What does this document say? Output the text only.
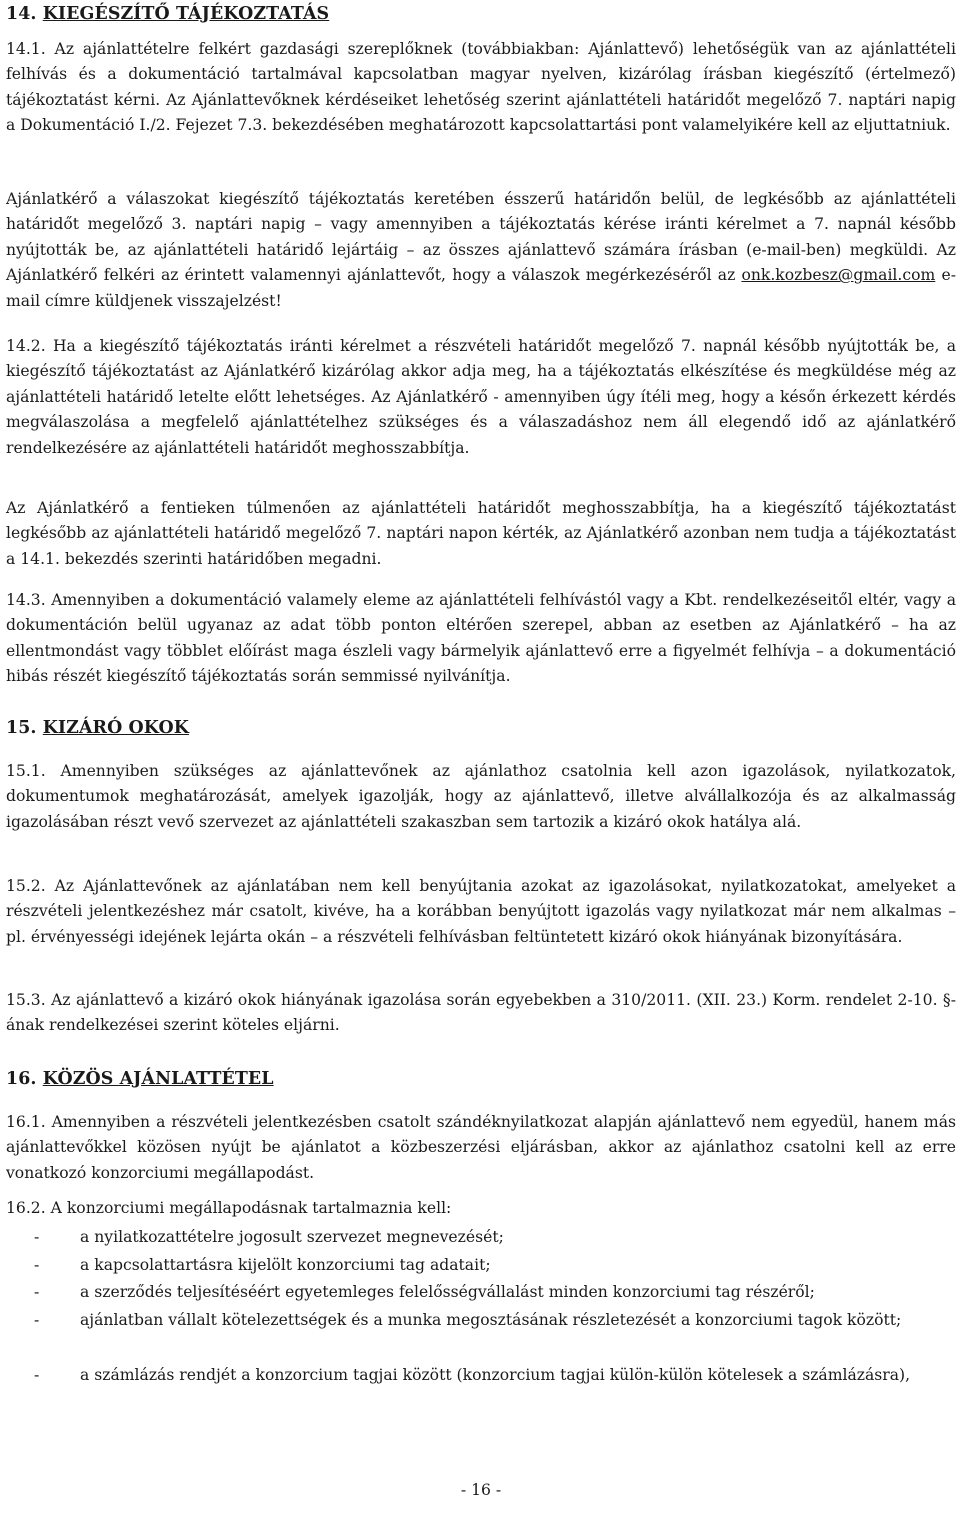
14. KIEGÉSZÍTŐ TÁJÉKOZTATÁS

14.1. Az ajánlattételre felkért gazdasági szereplőknek (továbbiakban: Ajánlattevő) lehetőségük van az ajánlattételi felhívás és a dokumentáció tartalmával kapcsolatban magyar nyelven, kizárólag írásban kiegészítő (értelmező) tájékoztatást kérni. Az Ajánlattevőknek kérdéseiket lehetőség szerint ajánlattételi határidőt megelőző 7. naptári napig a Dokumentáció I./2. Fejezet 7.3. bekezdésében meghatározott kapcsolattartási pont valamelyikére kell az eljuttatniuk.

Ajánlatkérő a válaszokat kiegészítő tájékoztatás keretében ésszerű határidőn belül, de legkésőbb az ajánlattételi határidőt megelőző 3. naptári napig – vagy amennyiben a tájékoztatás kérése iránti kérelmet a 7. napnál később nyújtották be, az ajánlattételi határidő lejártáig – az összes ajánlattevő számára írásban (e-mail-ben) megküldi. Az Ajánlatkérő felkéri az érintett valamennyi ajánlattevőt, hogy a válaszok megérkezéséről az onk.kozbesz@gmail.com e-mail címre küldjenek visszajelzést!

14.2. Ha a kiegészítő tájékoztatás iránti kérelmet a részvételi határidőt megelőző 7. napnál később nyújtották be, a kiegészítő tájékoztatást az Ajánlatkérő kizárólag akkor adja meg, ha a tájékoztatás elkészítése és megküldése még az ajánlattételi határidő letelte előtt lehetséges. Az Ajánlatkérő - amennyiben úgy ítéli meg, hogy a későn érkezett kérdés megválaszolása a megfelelő ajánlattételhez szükséges és a válaszadáshoz nem áll elegendő idő az ajánlatkérő rendelkezésére az ajánlattételi határidőt meghosszabbítja.

Az Ajánlatkérő a fentieken túlmenően az ajánlattételi határidőt meghosszabbítja, ha a kiegészítő tájékoztatást legkésőbb az ajánlattételi határidő megelőző 7. naptári napon kérték, az Ajánlatkérő azonban nem tudja a tájékoztatást a 14.1. bekezdés szerinti határidőben megadni.

14.3. Amennyiben a dokumentáció valamely eleme az ajánlattételi felhívástól vagy a Kbt. rendelkezéseitől eltér, vagy a dokumentáción belül ugyanaz az adat több ponton eltérően szerepel, abban az esetben az Ajánlatkérő – ha az ellentmondást vagy többlet előírást maga észleli vagy bármelyik ajánlattevő erre a figyelmét felhívja – a dokumentáció hibás részét kiegészítő tájékoztatás során semmissé nyilvánítja.

15. KIZÁRÓ OKOK

15.1. Amennyiben szükséges az ajánlattevőnek az ajánlathoz csatolnia kell azon igazolások, nyilatkozatok, dokumentumok meghatározását, amelyek igazolják, hogy az ajánlattevő, illetve alvállalkozója és az alkalmasság igazolásában részt vevő szervezet az ajánlattételi szakaszban sem tartozik a kizáró okok hatálya alá.

15.2. Az Ajánlattevőnek az ajánlatában nem kell benyújtania azokat az igazolásokat, nyilatkozatokat, amelyeket a részvételi jelentkezéshez már csatolt, kivéve, ha a korábban benyújtott igazolás vagy nyilatkozat már nem alkalmas – pl. érvényességi idejének lejárta okán – a részvételi felhívásban feltüntetett kizáró okok hiányának bizonyítására.

15.3. Az ajánlattevő a kizáró okok hiányának igazolása során egyebekben a 310/2011. (XII. 23.) Korm. rendelet 2-10. §-ának rendelkezései szerint köteles eljárni.

16. KÖZÖS AJÁNLATTÉTEL

16.1. Amennyiben a részvételi jelentkezésben csatolt szándéknyilatkozat alapján ajánlattevő nem egyedül, hanem más ajánlattevőkkel közösen nyújt be ajánlatot a közbeszerzési eljárásban, akkor az ajánlathoz csatolni kell az erre vonatkozó konzorciumi megállapodást.

16.2. A konzorciumi megállapodásnak tartalmaznia kell:

-	a nyilatkozattételre jogosult szervezet megnevezését;
-	a kapcsolattartásra kijelölt konzorciumi tag adatait;
-	a szerződés teljesítéséért egyetemleges felelősségvállalást minden konzorciumi tag részéről;
-	ajánlatban vállalt kötelezettségek és a munka megosztásának részletezését a konzorciumi tagok között;
-	a számlázás rendjét a konzorcium tagjai között (konzorcium tagjai külön-külön kötelesek a számlázásra),
- 16 -
